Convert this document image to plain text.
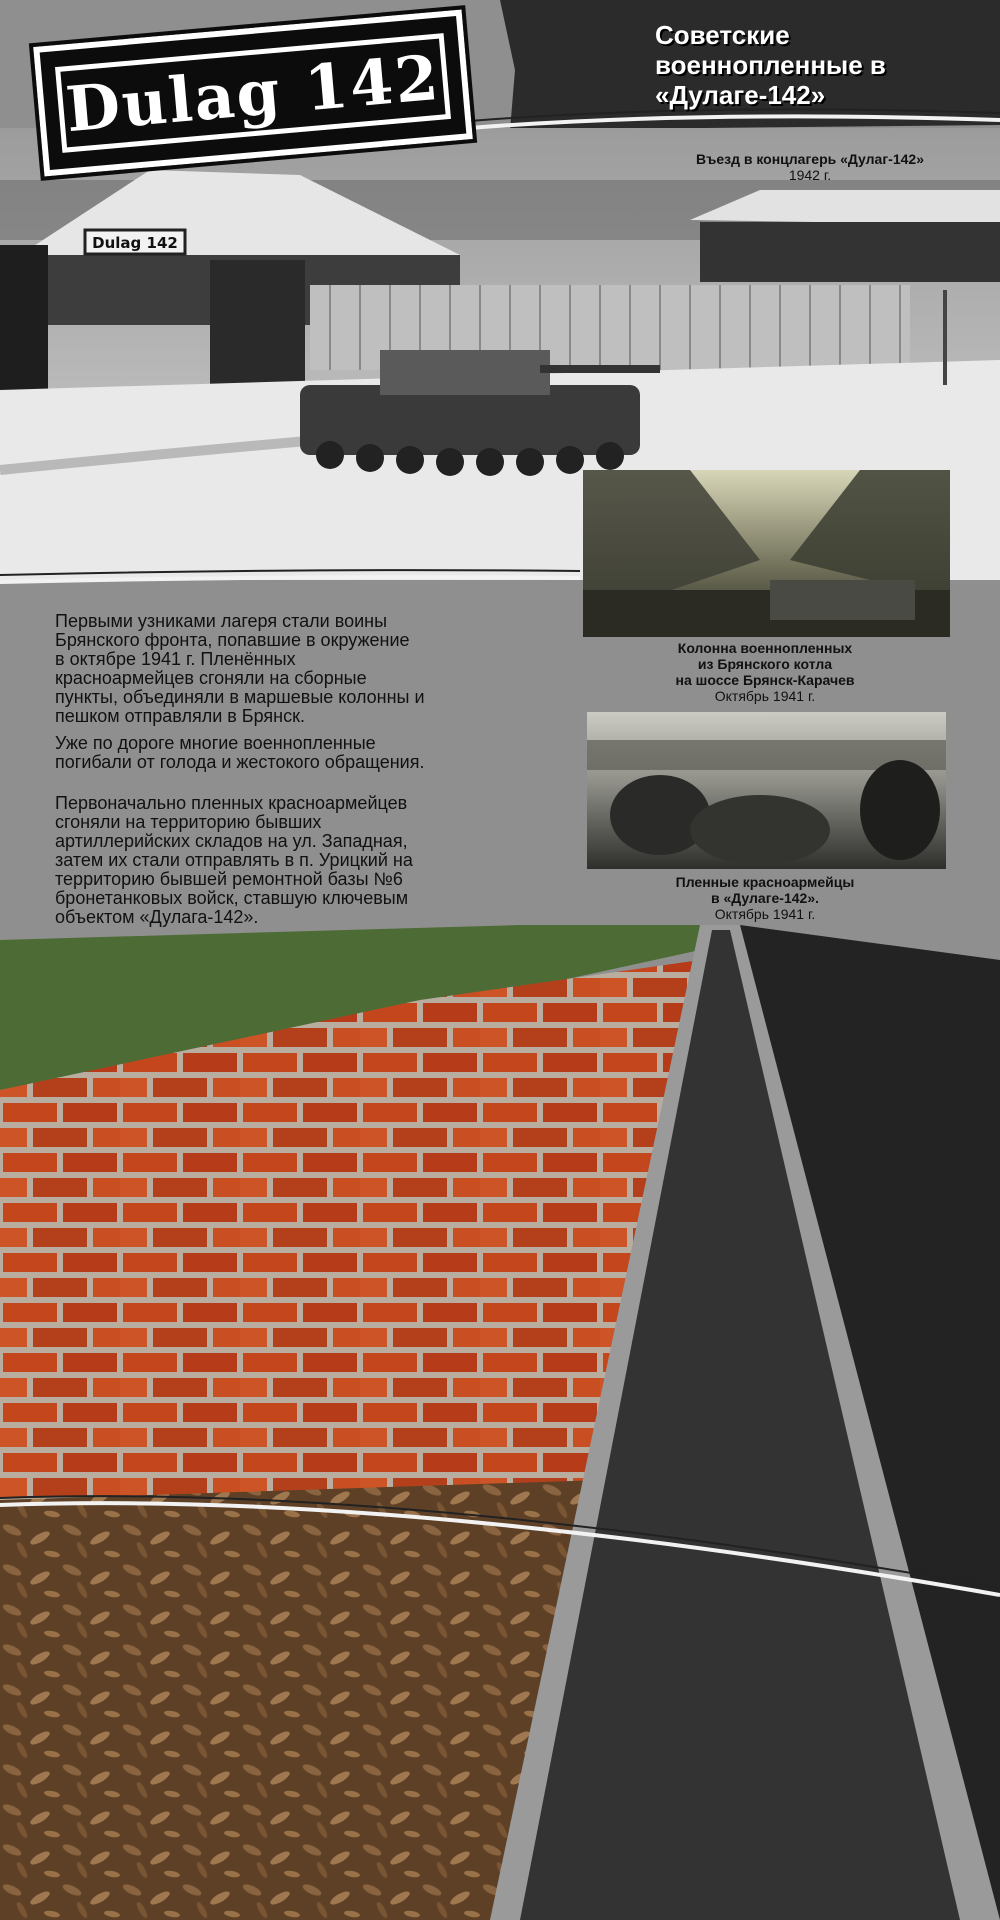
Dulag 142
Dulag 142
Советские военнопленные в «Дулаге-142»
Въезд в концлагерь «Дулаг-142»
1942 г.
Колонна военнопленных
из Брянского котла
на шоссе Брянск-Карачев
Октябрь 1941 г.
Пленные красноармейцы
в «Дулаге-142».
Октябрь 1941 г.

Первыми узниками лагеря стали воины
Брянского фронта, попавшие в окружение
в октябре 1941 г. Пленённых
красноармейцев сгоняли на сборные
пункты, объединяли в маршевые колонны и
пешком отправляли в Брянск.

Уже по дороге многие военнопленные
погибали от голода и жестокого обращения.

Первоначально пленных красноармейцев
сгоняли на территорию бывших
артиллерийских складов на ул. Западная,
затем их стали отправлять в п. Урицкий на
территорию бывшей ремонтной базы №6
бронетанковых войск, ставшую ключевым
объектом «Дулага-142».
